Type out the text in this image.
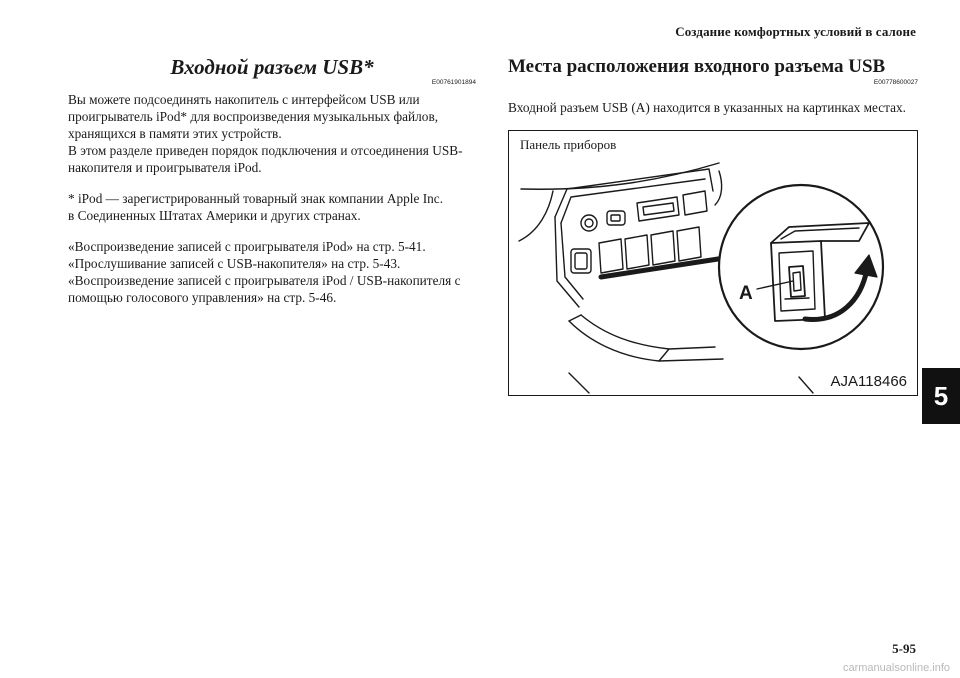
Создание комфортных условий в салоне
Входной разъем USB*
E00761901894

Вы можете подсоединять накопитель с интерфейсом USB или проигрыватель iPod* для воспроизведения музыкальных файлов, хранящихся в памяти этих устройств.

В этом разделе приведен порядок подключения и отсоединения USB-накопителя и проигрывателя iPod.

* iPod — зарегистрированный товарный знак компании Apple Inc.

в Соединенных Штатах Америки и других странах.

«Воспроизведение записей с проигрывателя iPod» на стр. 5-41.

«Прослушивание записей с USB-накопителя» на стр. 5-43.

«Воспроизведение записей с проигрывателя iPod / USB-накопителя с помощью голосового управления» на стр. 5-46.

Места расположения входного разъема USB
E00778600027

Входной разъем USB (A) находится в указанных на картинках местах.

Панель приборов
A
AJA118466	5
5-95
carmanualsonline.info
